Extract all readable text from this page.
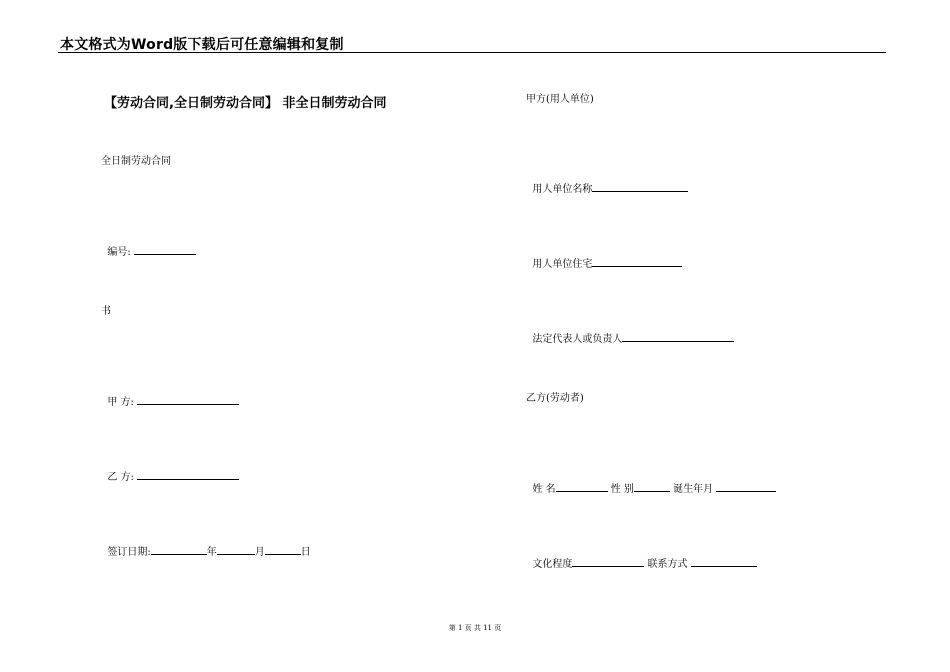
本文格式为Word版下载后可任意编辑和复制
【劳动合同,全日制劳动合同】 非全日制劳动合同
全日制劳动合同

编号:

书

甲 方:

乙 方:

签订日期:	年	月	日

甲方(用人单位)

用人单位名称

用人单位住宅

法定代表人或负责人

乙方(劳动者)

姓 名	性 别	诞生年月

文化程度	联系方式

第 1 页 共 11 页
